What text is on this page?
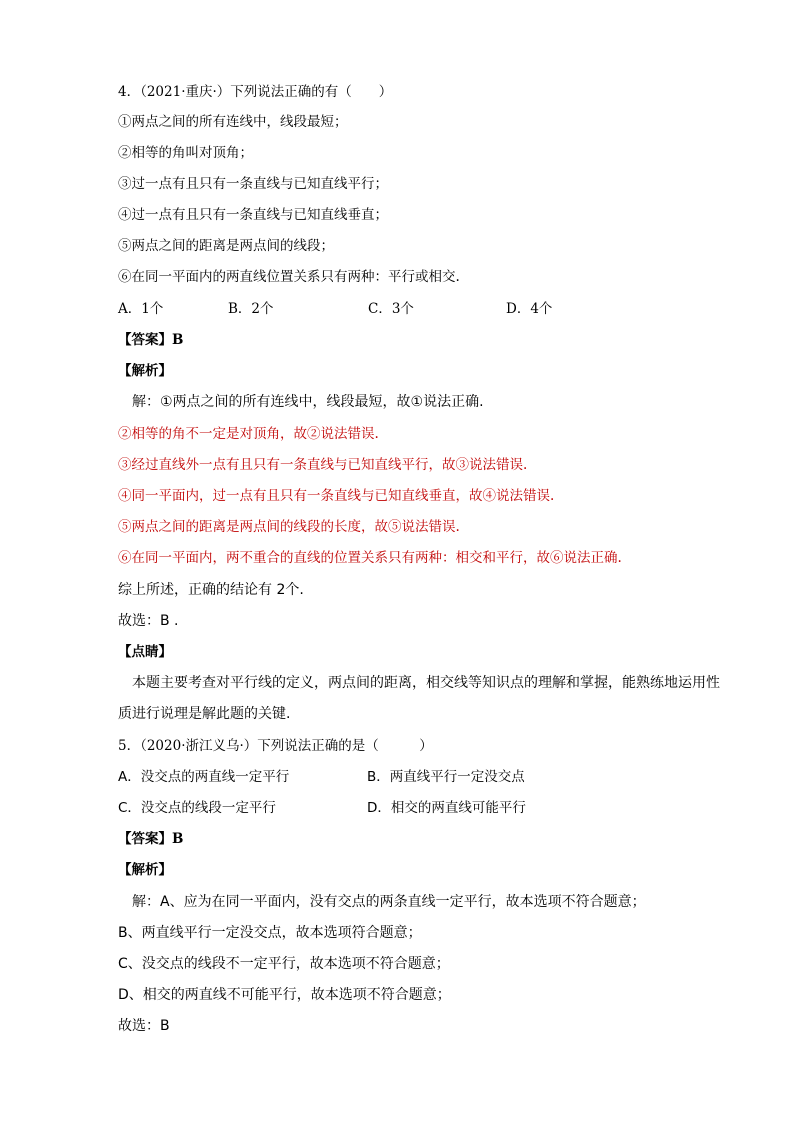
4．（2021·重庆·）下列说法正确的有（　　）
①两点之间的所有连线中，线段最短；
②相等的角叫对顶角；
③过一点有且只有一条直线与已知直线平行；
④过一点有且只有一条直线与已知直线垂直；
⑤两点之间的距离是两点间的线段；
⑥在同一平面内的两直线位置关系只有两种：平行或相交.
A．1个	B．2个	C．3个	D．4个
【答案】B
【解析】
解：①两点之间的所有连线中，线段最短，故①说法正确.
②相等的角不一定是对顶角，故②说法错误.
③经过直线外一点有且只有一条直线与已知直线平行，故③说法错误.
④同一平面内，过一点有且只有一条直线与已知直线垂直，故④说法错误.
⑤两点之间的距离是两点间的线段的长度，故⑤说法错误.
⑥在同一平面内，两不重合的直线的位置关系只有两种：相交和平行，故⑥说法正确.
综上所述，正确的结论有 2个.
故选：B .
【点睛】
本题主要考查对平行线的定义，两点间的距离，相交线等知识点的理解和掌握，能熟练地运用性
质进行说理是解此题的关键.
5．（2020·浙江义乌·）下列说法正确的是（　　　）
A．没交点的两直线一定平行	B．两直线平行一定没交点
C．没交点的线段一定平行	D．相交的两直线可能平行
【答案】B
【解析】
解：A、应为在同一平面内，没有交点的两条直线一定平行，故本选项不符合题意；
B、两直线平行一定没交点，故本选项符合题意；
C、没交点的线段不一定平行，故本选项不符合题意；
D、相交的两直线不可能平行，故本选项不符合题意；
故选：B
